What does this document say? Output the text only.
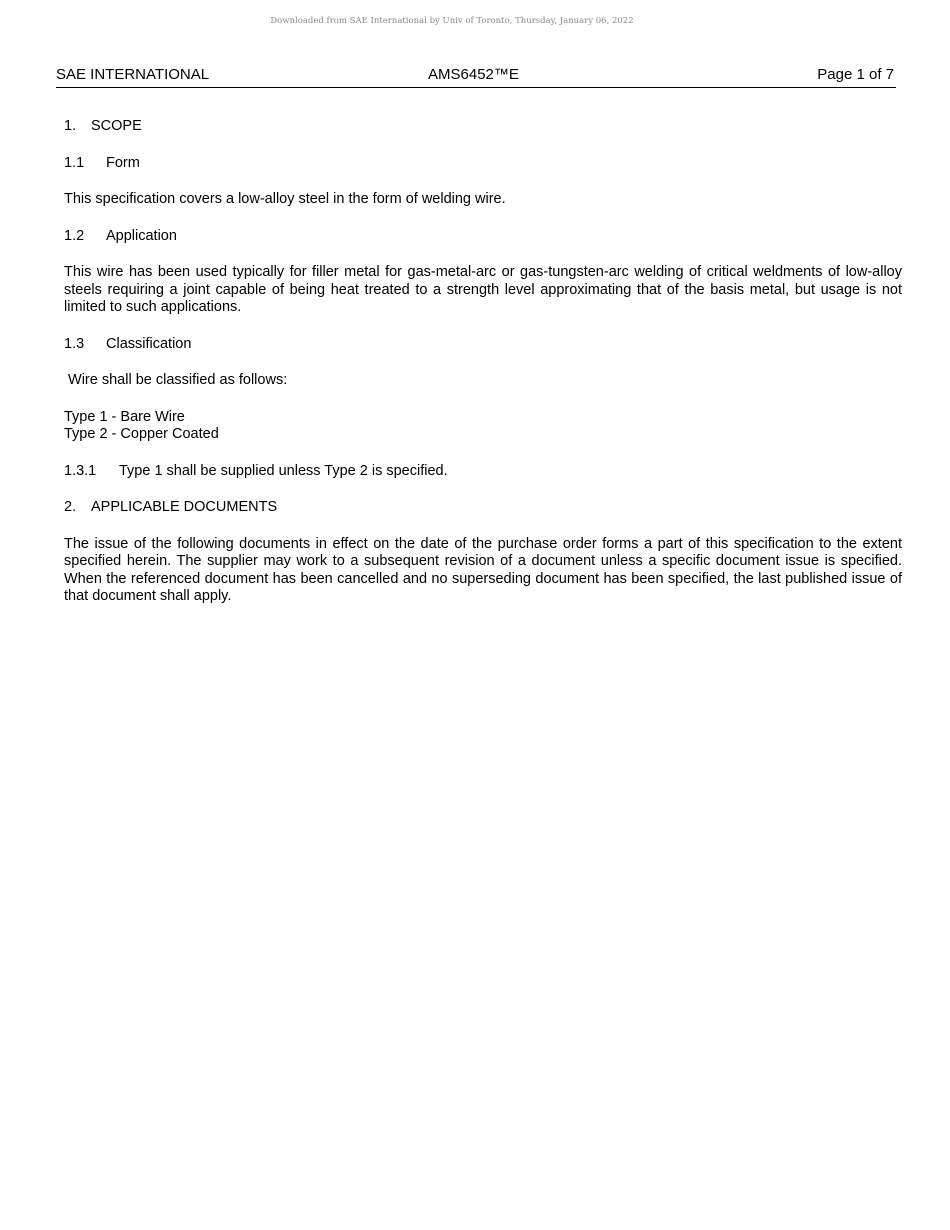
Downloaded from SAE International by Univ of Toronto, Thursday, January 06, 2022
SAE INTERNATIONAL	AMS6452™E	Page 1 of 7

1. SCOPE

1.1 Form

This specification covers a low-alloy steel in the form of welding wire.

1.2 Application

This wire has been used typically for filler metal for gas-metal-arc or gas-tungsten-arc welding of critical weldments of low-alloy steels requiring a joint capable of being heat treated to a strength level approximating that of the basis metal, but usage is not limited to such applications.

1.3 Classification

Wire shall be classified as follows:

Type 1 - Bare Wire
Type 2 - Copper Coated

1.3.1 Type 1 shall be supplied unless Type 2 is specified.

2. APPLICABLE DOCUMENTS

The issue of the following documents in effect on the date of the purchase order forms a part of this specification to the extent specified herein. The supplier may work to a subsequent revision of a document unless a specific document issue is specified. When the referenced document has been cancelled and no superseding document has been specified, the last published issue of that document shall apply.
